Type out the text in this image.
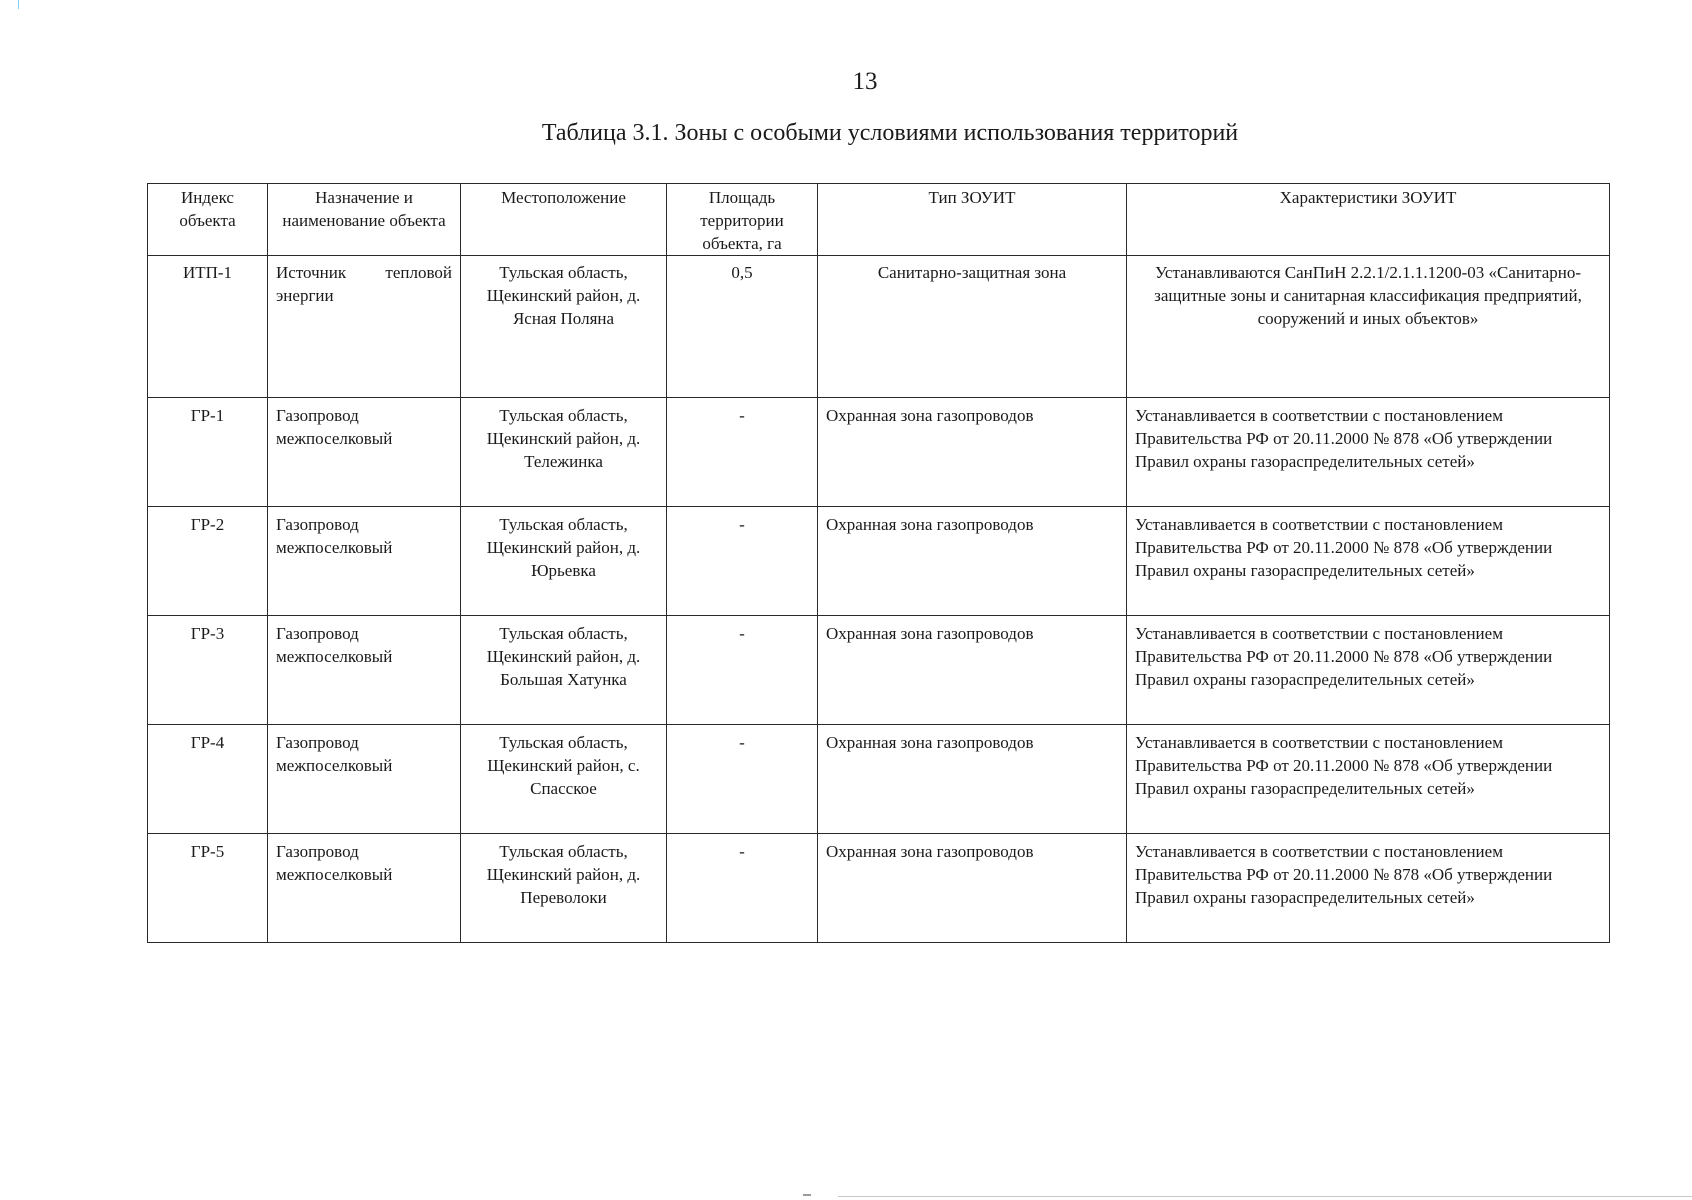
13
Таблица 3.1. Зоны с особыми условиями использования территорий
Индекс объекта	Назначение и наименование объекта	Местоположение	Площадь территории объекта, га	Тип ЗОУИТ	Характеристики ЗОУИТ
ИТП-1	Источник тепловой энергии	Тульская область, Щекинский район, д. Ясная Поляна	0,5	Санитарно-защитная зона	Устанавливаются СанПиН 2.2.1/2.1.1.1200-03 «Санитарно-защитные зоны и санитарная классификация предприятий, сооружений и иных объектов»
ГР-1	Газопровод межпоселковый	Тульская область, Щекинский район, д. Тележинка	-	Охранная зона газопроводов	Устанавливается в соответствии с постановлением Правительства РФ от 20.11.2000 № 878 «Об утверждении Правил охраны газораспределительных сетей»
ГР-2	Газопровод межпоселковый	Тульская область, Щекинский район, д. Юрьевка	-	Охранная зона газопроводов	Устанавливается в соответствии с постановлением Правительства РФ от 20.11.2000 № 878 «Об утверждении Правил охраны газораспределительных сетей»
ГР-3	Газопровод межпоселковый	Тульская область, Щекинский район, д. Большая Хатунка	-	Охранная зона газопроводов	Устанавливается в соответствии с постановлением Правительства РФ от 20.11.2000 № 878 «Об утверждении Правил охраны газораспределительных сетей»
ГР-4	Газопровод межпоселковый	Тульская область, Щекинский район, с. Спасское	-	Охранная зона газопроводов	Устанавливается в соответствии с постановлением Правительства РФ от 20.11.2000 № 878 «Об утверждении Правил охраны газораспределительных сетей»
ГР-5	Газопровод межпоселковый	Тульская область, Щекинский район, д. Переволоки	-	Охранная зона газопроводов	Устанавливается в соответствии с постановлением Правительства РФ от 20.11.2000 № 878 «Об утверждении Правил охраны газораспределительных сетей»
